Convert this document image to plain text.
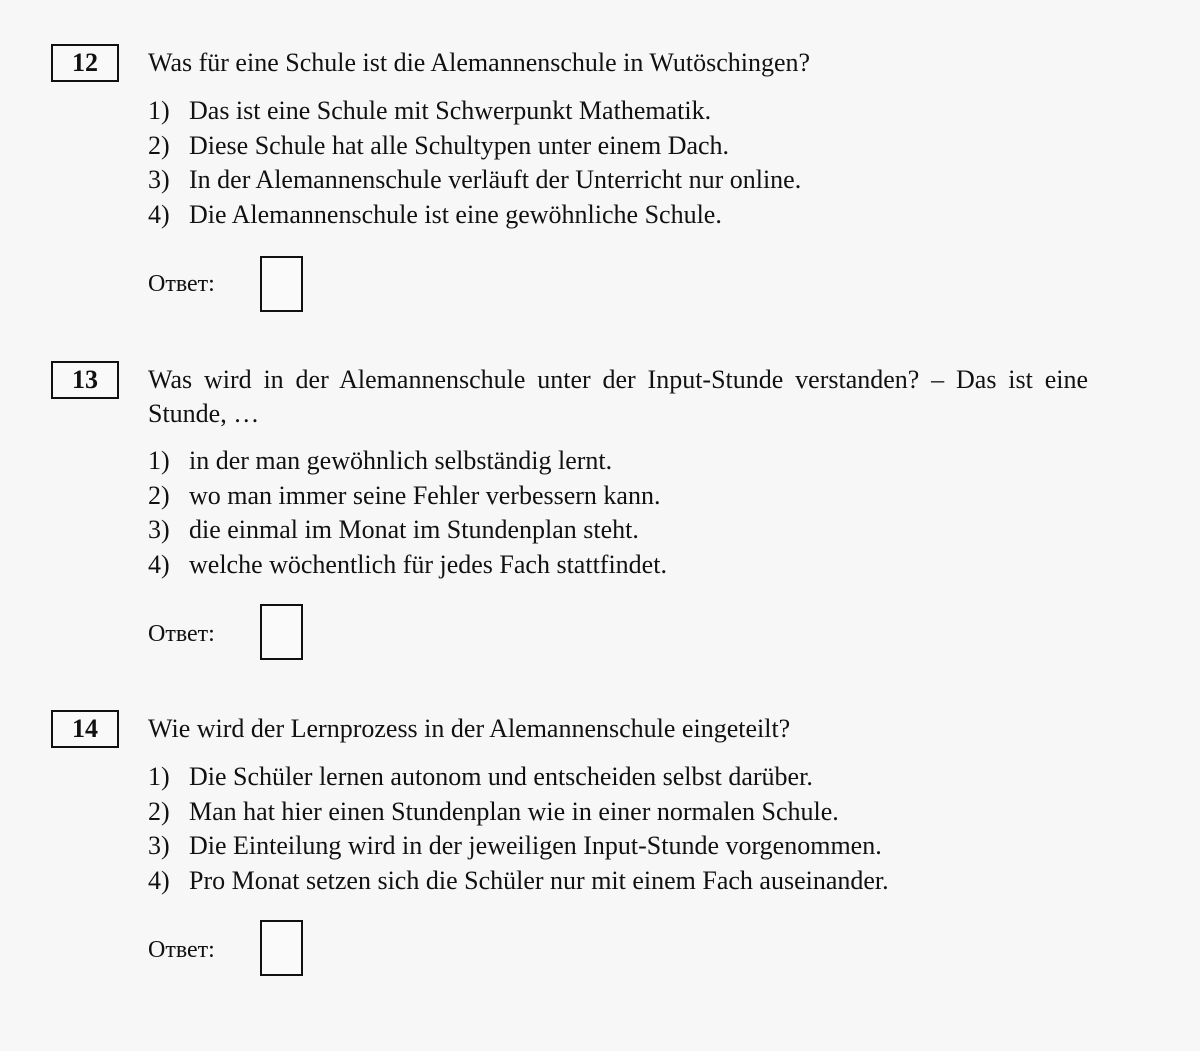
12	Was für eine Schule ist die Alemannenschule in Wutöschingen?
1) Das ist eine Schule mit Schwerpunkt Mathematik.
2) Diese Schule hat alle Schultypen unter einem Dach.
3) In der Alemannenschule verläuft der Unterricht nur online.
4) Die Alemannenschule ist eine gewöhnliche Schule.
Ответ:
13	Was wird in der Alemannenschule unter der Input-Stunde verstanden? – Das ist eine Stunde, …
1) in der man gewöhnlich selbständig lernt.
2) wo man immer seine Fehler verbessern kann.
3) die einmal im Monat im Stundenplan steht.
4) welche wöchentlich für jedes Fach stattfindet.
Ответ:
14	Wie wird der Lernprozess in der Alemannenschule eingeteilt?
1) Die Schüler lernen autonom und entscheiden selbst darüber.
2) Man hat hier einen Stundenplan wie in einer normalen Schule.
3) Die Einteilung wird in der jeweiligen Input-Stunde vorgenommen.
4) Pro Monat setzen sich die Schüler nur mit einem Fach auseinander.
Ответ:
